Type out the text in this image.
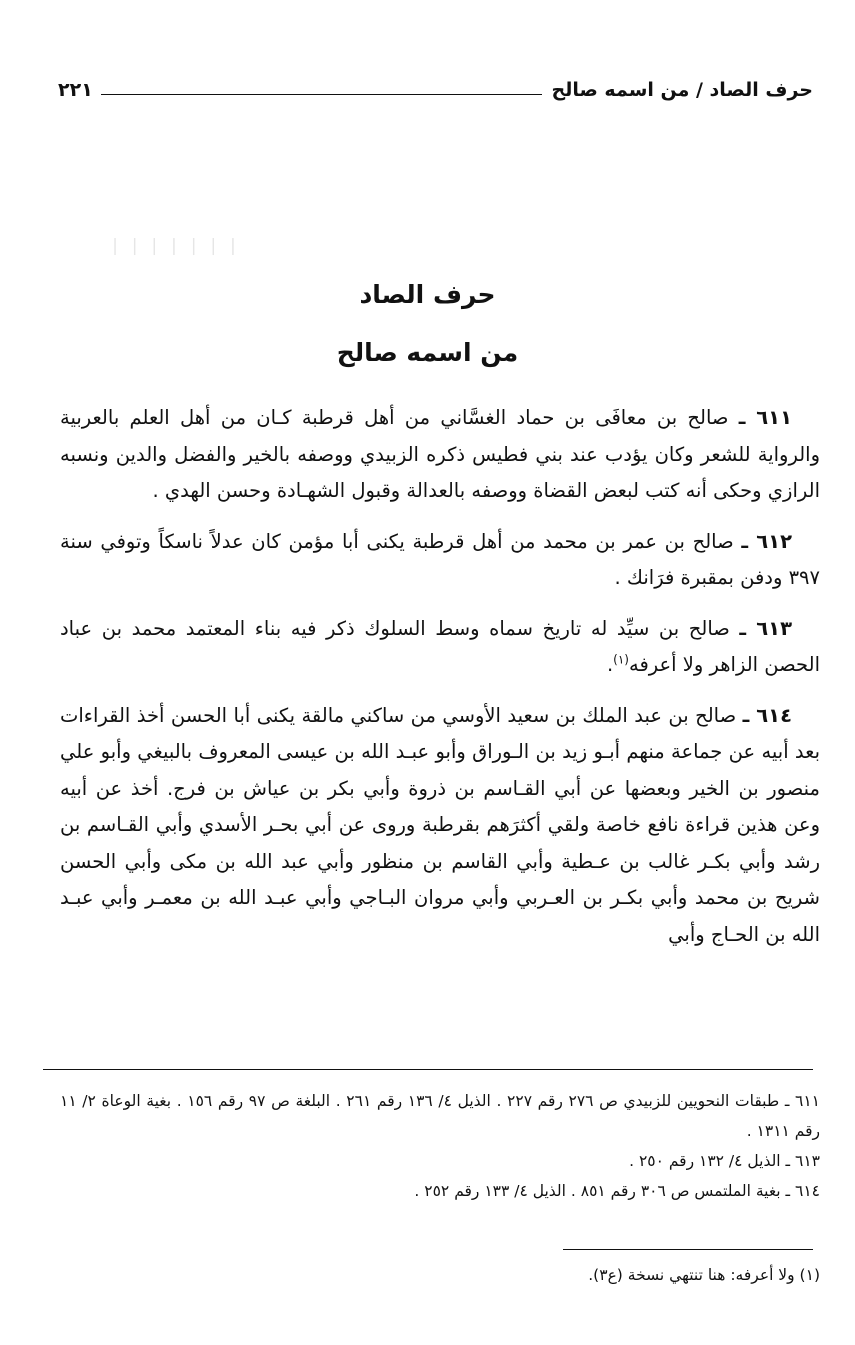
حرف الصاد / من اسمه صالح
٢٢١
❘ ❘ ❘ ❘ ❘ ❘ ❘
حرف الصاد
من اسمه صالح

٦١١ ـ صالح بن معافَى بن حماد الغسَّاني من أهل قرطبة كـان من أهل العلم بالعربية والرواية للشعر وكان يؤدب عند بني فطيس ذكره الزبيدي ووصفه بالخير والفضل والدين ونسبه الرازي وحكى أنه كتب لبعض القضاة ووصفه بالعدالة وقبول الشهـادة وحسن الهدي .

٦١٢ ـ صالح بن عمر بن محمد من أهل قرطبة يكنى أبا مؤمن كان عدلاً ناسكاً وتوفي سنة ٣٩٧ ودفن بمقبرة فرَانك .

٦١٣ ـ صالح بن سيِّد له تاريخ سماه وسط السلوك ذكر فيه بناء المعتمد محمد بن عباد الحصن الزاهر ولا أعرفه$^{(١)}$.

٦١٤ ـ صالح بن عبد الملك بن سعيد الأوسي من ساكني مالقة يكنى أبا الحسن أخذ القراءات بعد أبيه عن جماعة منهم أبـو زيد بن الـوراق وأبو عبـد الله بن عيسى المعروف بالبيغي وأبو علي منصور بن الخير وبعضها عن أبي القـاسم بن ذروة وأبي بكر بن عياش بن فرج. أخذ عن أبيه وعن هذين قراءة نافع خاصة ولقي أكثرَهم بقرطبة وروى عن أبي بحـر الأسدي وأبي القـاسم بن رشد وأبي بكـر غالب بن عـطية وأبي القاسم بن منظور وأبي عبد الله بن مكى وأبي الحسن شريح بن محمد وأبي بكـر بن العـربي وأبي مروان البـاجي وأبي عبـد الله بن معمـر وأبي عبـد الله بن الحـاج وأبي

٦١١ ـ طبقات النحويين للزبيدي ص ٢٧٦ رقم ٢٢٧ . الذيل ٤/ ١٣٦ رقم ٢٦١ . البلغة ص ٩٧ رقم ١٥٦ . بغية الوعاة ٢/ ١١ رقم ١٣١١ .

٦١٣ ـ الذيل ٤/ ١٣٢ رقم ٢٥٠ .

٦١٤ ـ بغية الملتمس ص ٣٠٦ رقم ٨٥١ . الذيل ٤/ ١٣٣ رقم ٢٥٢ .

(١) ولا أعرفه: هنا تنتهي نسخة (ع٣).
